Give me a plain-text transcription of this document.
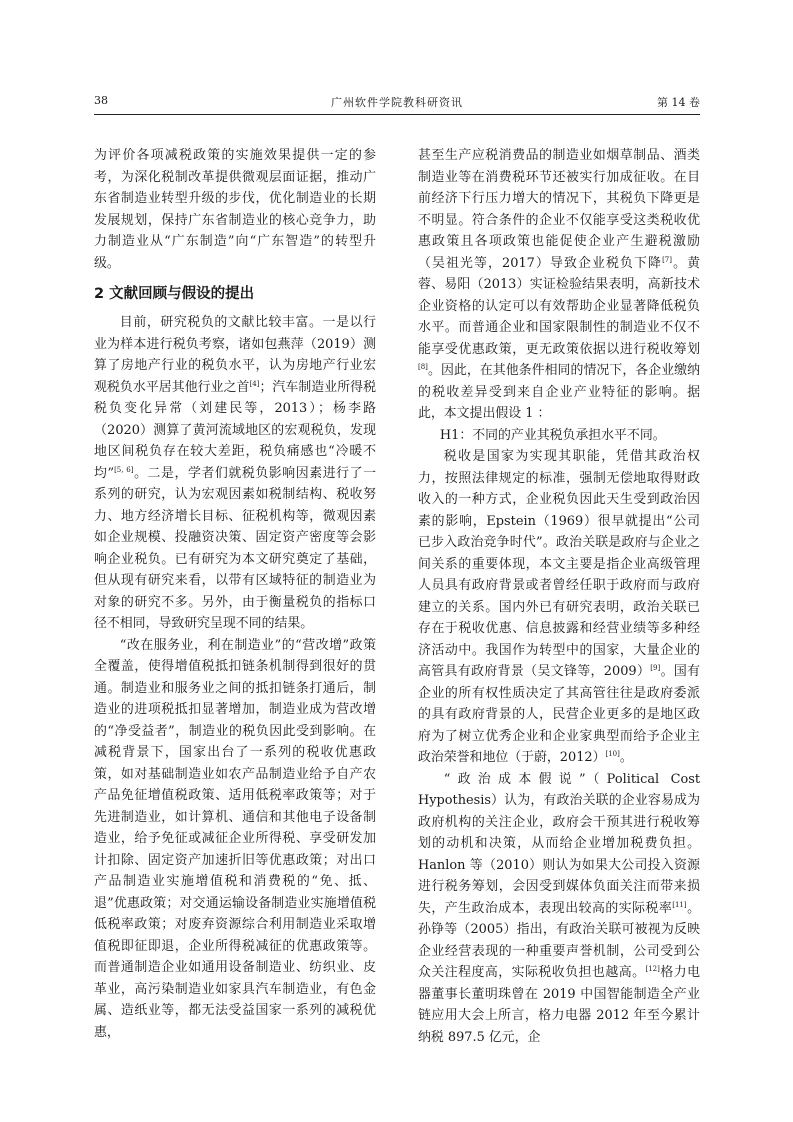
38	广州软件学院教科研资讯	第 14 卷

为评价各项减税政策的实施效果提供一定的参考，为深化税制改革提供微观层面证据，推动广东省制造业转型升级的步伐，优化制造业的长期发展规划，保持广东省制造业的核心竞争力，助力制造业从“广东制造”向“广东智造”的转型升级。

2 文献回顾与假设的提出

目前，研究税负的文献比较丰富。一是以行业为样本进行税负考察，诸如包燕萍（2019）测算了房地产行业的税负水平，认为房地产行业宏观税负水平居其他行业之首[4]；汽车制造业所得税税负变化异常（刘建民等，2013）；杨李路（2020）测算了黄河流域地区的宏观税负，发现地区间税负存在较大差距，税负痛感也“冷暖不均”[5, 6]。二是，学者们就税负影响因素进行了一系列的研究，认为宏观因素如税制结构、税收努力、地方经济增长目标、征税机构等，微观因素如企业规模、投融资决策、固定资产密度等会影响企业税负。已有研究为本文研究奠定了基础，但从现有研究来看，以带有区域特征的制造业为对象的研究不多。另外，由于衡量税负的指标口径不相同，导致研究呈现不同的结果。

“改在服务业，利在制造业”的“营改增”政策全覆盖，使得增值税抵扣链条机制得到很好的贯通。制造业和服务业之间的抵扣链条打通后，制造业的进项税抵扣显著增加，制造业成为营改增的“净受益者”，制造业的税负因此受到影响。在减税背景下，国家出台了一系列的税收优惠政策，如对基础制造业如农产品制造业给予自产农产品免征增值税政策、适用低税率政策等；对于先进制造业，如计算机、通信和其他电子设备制造业，给予免征或减征企业所得税、享受研发加计扣除、固定资产加速折旧等优惠政策；对出口产品制造业实施增值税和消费税的“免、抵、退”优惠政策；对交通运输设备制造业实施增值税低税率政策；对废弃资源综合利用制造业采取增值税即征即退，企业所得税减征的优惠政策等。而普通制造企业如通用设备制造业、纺织业、皮革业，高污染制造业如家具汽车制造业，有色金属、造纸业等，都无法受益国家一系列的减税优惠，

甚至生产应税消费品的制造业如烟草制品、酒类制造业等在消费税环节还被实行加成征收。在目前经济下行压力增大的情况下，其税负下降更是不明显。符合条件的企业不仅能享受这类税收优惠政策且各项政策也能促使企业产生避税激励（吴祖光等，2017）导致企业税负下降[7]。黄蓉、易阳（2013）实证检验结果表明，高新技术企业资格的认定可以有效帮助企业显著降低税负水平。而普通企业和国家限制性的制造业不仅不能享受优惠政策，更无政策依据以进行税收筹划[8]。因此，在其他条件相同的情况下，各企业缴纳的税收差异受到来自企业产业特征的影响。据此，本文提出假设 1 ：

H1：不同的产业其税负承担水平不同。

税收是国家为实现其职能，凭借其政治权力，按照法律规定的标准，强制无偿地取得财政收入的一种方式，企业税负因此天生受到政治因素的影响，Epstein（1969）很早就提出“公司已步入政治竞争时代”。政治关联是政府与企业之间关系的重要体现，本文主要是指企业高级管理人员具有政府背景或者曾经任职于政府而与政府建立的关系。国内外已有研究表明，政治关联已存在于税收优惠、信息披露和经营业绩等多种经济活动中。我国作为转型中的国家，大量企业的高管具有政府背景（吴文锋等，2009）[9]。国有企业的所有权性质决定了其高管往往是政府委派的具有政府背景的人，民营企业更多的是地区政府为了树立优秀企业和企业家典型而给予企业主政治荣誉和地位（于蔚，2012）[10]。

“政治成本假说”（Political Cost Hypothesis）认为，有政治关联的企业容易成为政府机构的关注企业，政府会干预其进行税收筹划的动机和决策，从而给企业增加税费负担。Hanlon 等（2010）则认为如果大公司投入资源进行税务筹划，会因受到媒体负面关注而带来损失，产生政治成本，表现出较高的实际税率[11]。孙铮等（2005）指出，有政治关联可被视为反映企业经营表现的一种重要声誉机制，公司受到公众关注程度高，实际税收负担也越高。[12]格力电器董事长董明珠曾在 2019 中国智能制造全产业链应用大会上所言，格力电器 2012 年至今累计纳税 897.5 亿元，企
